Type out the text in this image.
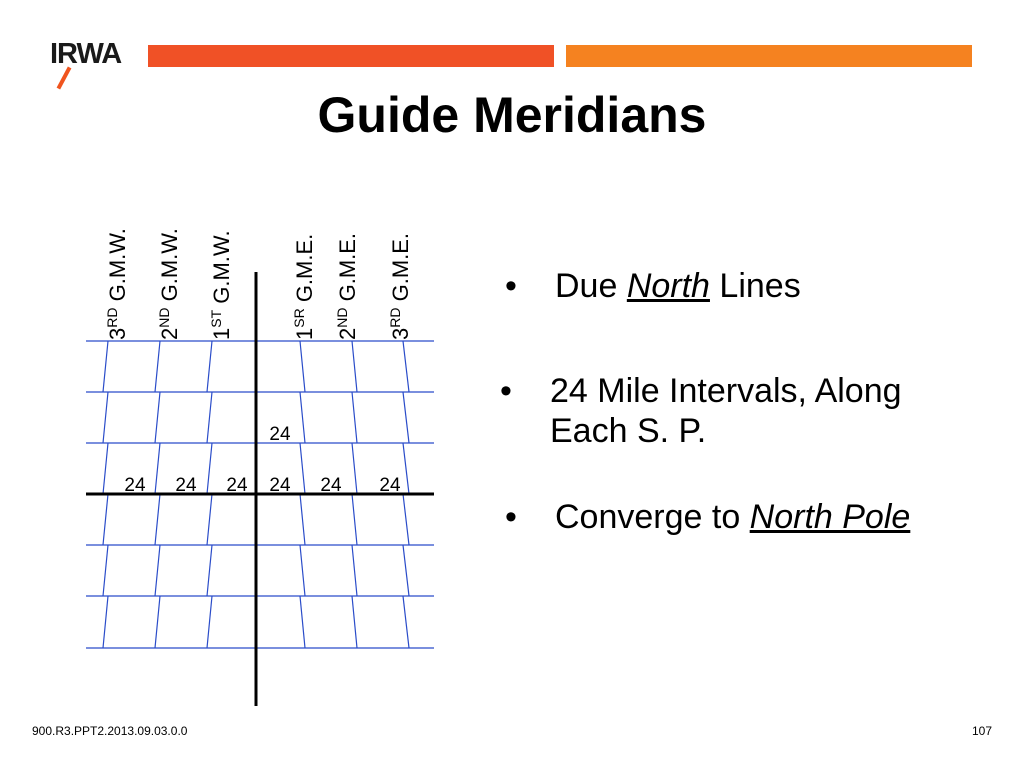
IRWA
Guide Meridians
3RD G.M.W.
2ND G.M.W.
1ST G.M.W.
$1^{SR}$ G.M.E.
2ND G.M.E.
3RD G.M.E.
24
24 24 24 24 24 24
• Due North Lines
• 24 Mile Intervals, Along
Each S. P.
• Converge to North Pole
900.R3.PPT2.2013.09.03.0.0	107
